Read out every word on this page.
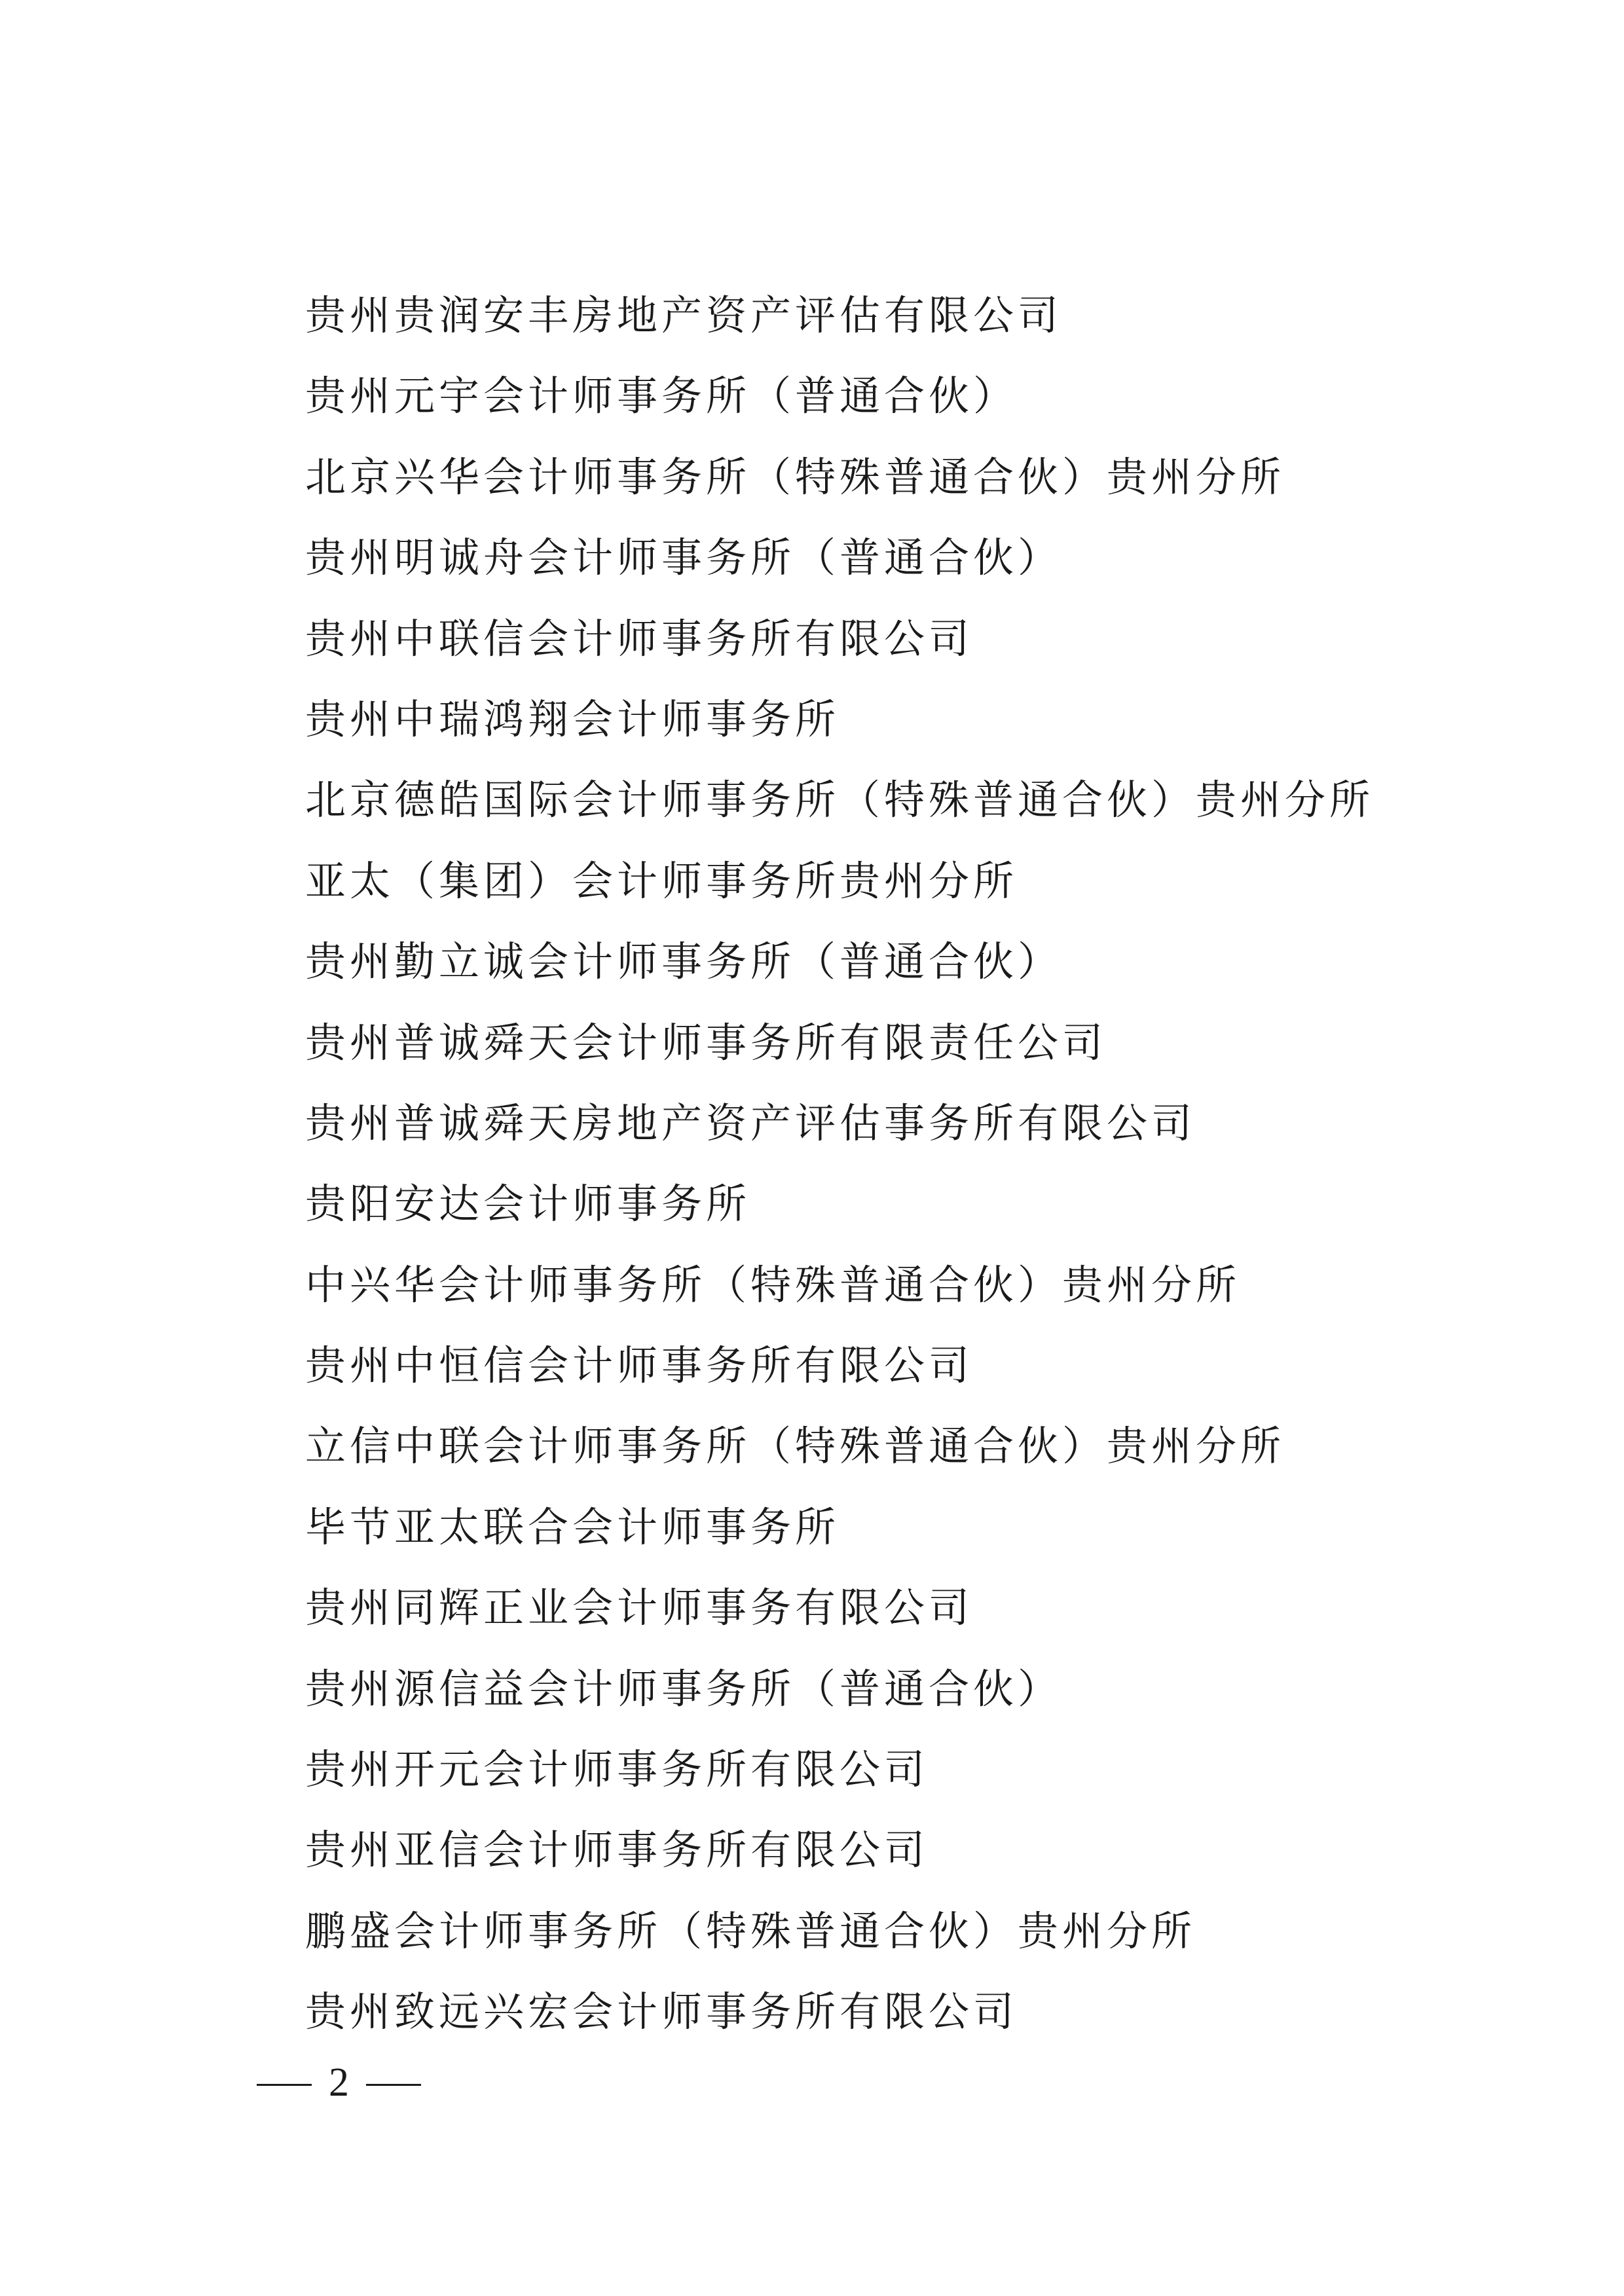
贵州贵润安丰房地产资产评估有限公司
贵州元宇会计师事务所（普通合伙）
北京兴华会计师事务所（特殊普通合伙）贵州分所
贵州明诚舟会计师事务所（普通合伙）
贵州中联信会计师事务所有限公司
贵州中瑞鸿翔会计师事务所
北京德皓国际会计师事务所（特殊普通合伙）贵州分所
亚太（集团）会计师事务所贵州分所
贵州勤立诚会计师事务所（普通合伙）
贵州普诚舜天会计师事务所有限责任公司
贵州普诚舜天房地产资产评估事务所有限公司
贵阳安达会计师事务所
中兴华会计师事务所（特殊普通合伙）贵州分所
贵州中恒信会计师事务所有限公司
立信中联会计师事务所（特殊普通合伙）贵州分所
毕节亚太联合会计师事务所
贵州同辉正业会计师事务有限公司
贵州源信益会计师事务所（普通合伙）
贵州开元会计师事务所有限公司
贵州亚信会计师事务所有限公司
鹏盛会计师事务所（特殊普通合伙）贵州分所
贵州致远兴宏会计师事务所有限公司
2
